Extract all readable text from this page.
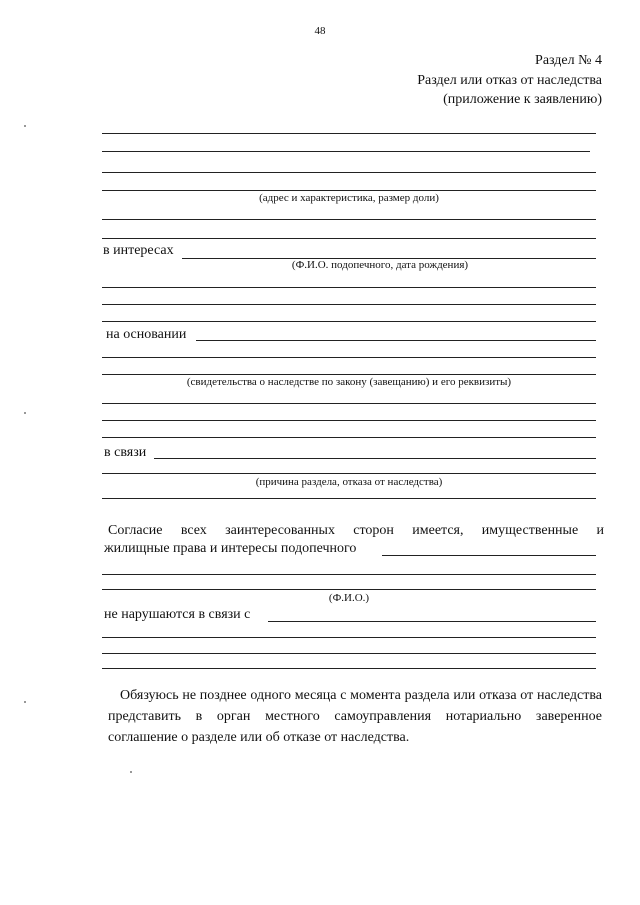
48
Раздел № 4
Раздел или отказ от наследства
(приложение к заявлению)
(адрес и характеристика, размер доли)
в интересах
(Ф.И.О. подопечного, дата рождения)
на основании
(свидетельства о наследстве по закону (завещанию) и его реквизиты)
в связи
(причина раздела, отказа от наследства)
Согласие всех заинтересованных сторон имеется, имущественные и
жилищные права и интересы подопечного
(Ф.И.О.)
не нарушаются в связи с
Обязуюсь не позднее одного месяца с момента раздела или отказа от наследства представить в орган местного самоуправления нотариально заверенное соглашение о разделе или об отказе от наследства.
